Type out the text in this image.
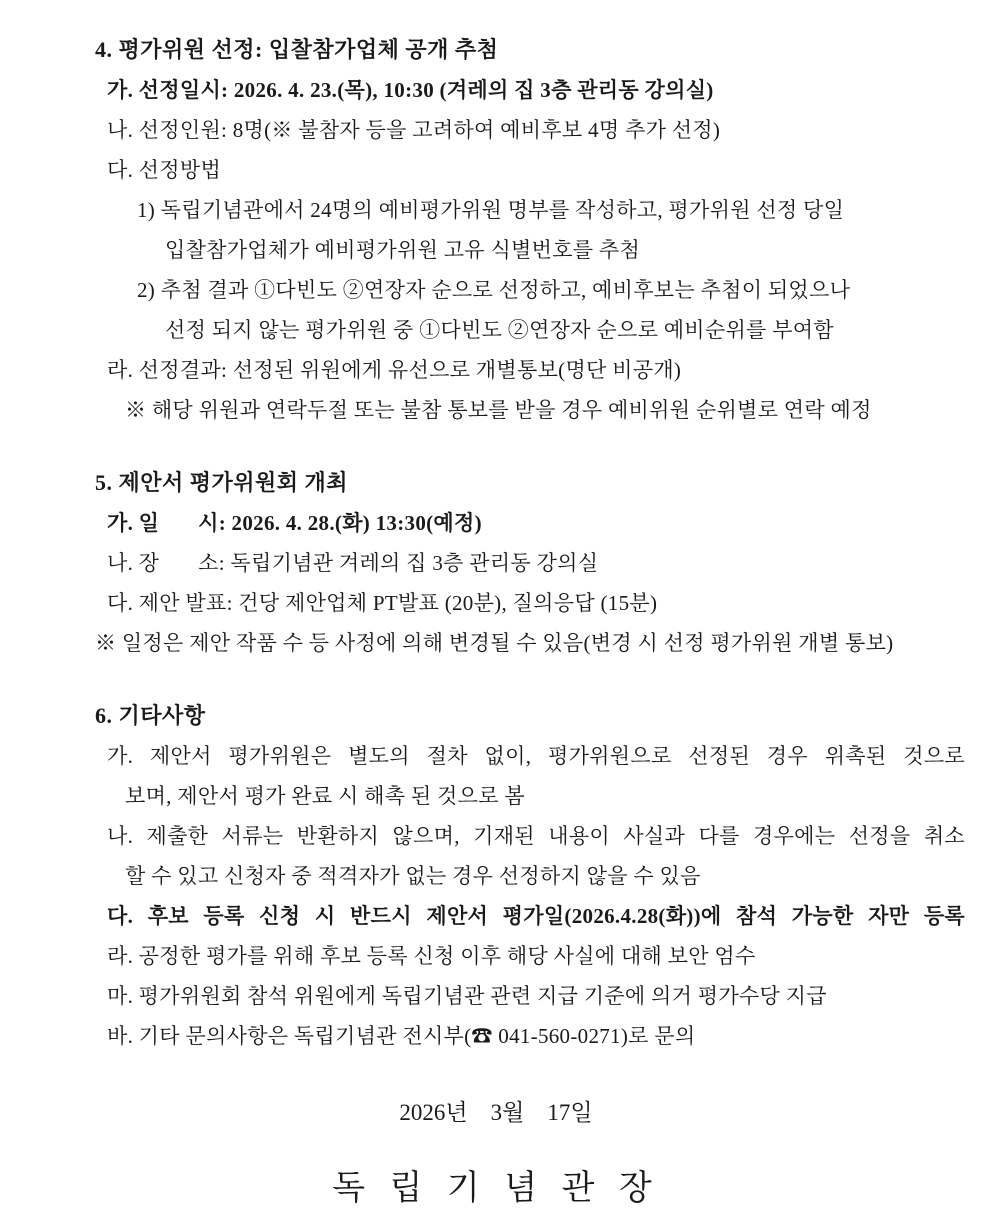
4. 평가위원 선정: 입찰참가업체 공개 추첨

가. 선정일시: 2026. 4. 23.(목), 10:30 (겨레의 집 3층 관리동 강의실)

나. 선정인원: 8명(※ 불참자 등을 고려하여 예비후보 4명 추가 선정)

다. 선정방법

1) 독립기념관에서 24명의 예비평가위원 명부를 작성하고, 평가위원 선정 당일

입찰참가업체가 예비평가위원 고유 식별번호를 추첨

2) 추첨 결과 ①다빈도 ②연장자 순으로 선정하고, 예비후보는 추첨이 되었으나

선정 되지 않는 평가위원 중 ①다빈도 ②연장자 순으로 예비순위를 부여함

라. 선정결과: 선정된 위원에게 유선으로 개별통보(명단 비공개)

※ 해당 위원과 연락두절 또는 불참 통보를 받을 경우 예비위원 순위별로 연락 예정

5. 제안서 평가위원회 개최

가. 일       시: 2026. 4. 28.(화) 13:30(예정)

나. 장       소: 독립기념관 겨레의 집 3층 관리동 강의실

다. 제안 발표: 건당 제안업체 PT발표 (20분), 질의응답 (15분)

※ 일정은 제안 작품 수 등 사정에 의해 변경될 수 있음(변경 시 선정 평가위원 개별 통보)

6. 기타사항

가. 제안서 평가위원은 별도의 절차 없이, 평가위원으로 선정된 경우 위촉된 것으로

보며, 제안서 평가 완료 시 해촉 된 것으로 봄

나. 제출한 서류는 반환하지 않으며, 기재된 내용이 사실과 다를 경우에는 선정을 취소

할 수 있고 신청자 중 적격자가 없는 경우 선정하지 않을 수 있음

다. 후보 등록 신청 시 반드시 제안서 평가일(2026.4.28(화))에 참석 가능한 자만 등록

라. 공정한 평가를 위해 후보 등록 신청 이후 해당 사실에 대해 보안 엄수

마. 평가위원회 참석 위원에게 독립기념관 관련 지급 기준에 의거 평가수당 지급

바. 기타 문의사항은 독립기념관 전시부(☎ 041-560-0271)로 문의

2026년    3월    17일

독 립 기 념 관 장
